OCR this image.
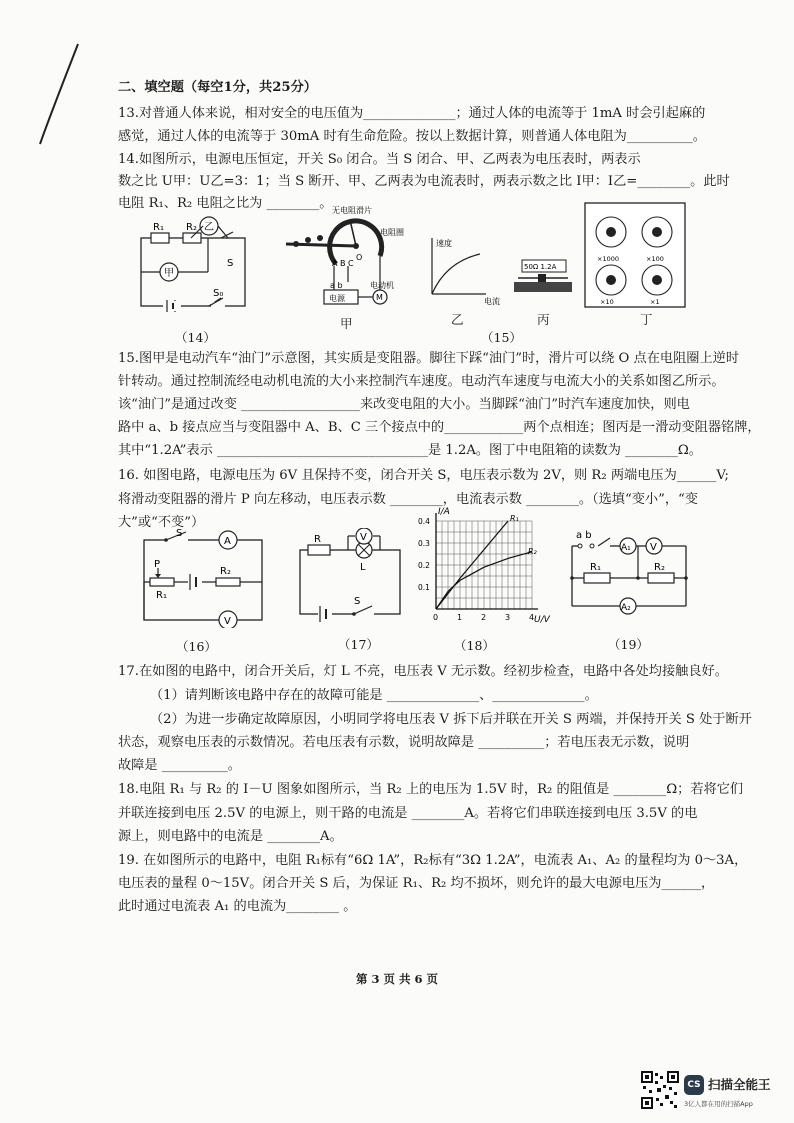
二、填空题（每空1分，共25分）
13.对普通人体来说，相对安全的电压值为______________；通过人体的电流等于 1mA 时会引起麻的
感觉，通过人体的电流等于 30mA 时有生命危险。按以上数据计算，则普通人体电阻为__________。
14.如图所示，电源电压恒定，开关 S₀ 闭合。当 S 闭合、甲、乙两表为电压表时，两表示
数之比 U甲：U乙=3：1；当 S 断开、甲、乙两表为电流表时，两表示数之比 I甲：I乙=________。此时
电阻 R₁、R₂ 电阻之比为 ________。
R₁ R₂ 乙
甲
S
S₀
（14）
无电阻滑片
电阻圈
A B C
O
a b
电源
电动机
M
甲
速度
电流
乙
（15）
50Ω 1.2A
丙
×1000	×100
×10	×1
丁
15.图甲是电动汽车“油门”示意图，其实质是变阻器。脚往下踩“油门”时，滑片可以绕 O 点在电阻圈上逆时
针转动。通过控制流经电动机电流的大小来控制汽车速度。电动汽车速度与电流大小的关系如图乙所示。
该“油门”是通过改变 __________________来改变电阻的大小。当脚踩“油门”时汽车速度加快，则电
路中 a、b 接点应当与变阻器中 A、B、C 三个接点中的____________两个点相连；图丙是一滑动变阻器铭牌，
其中“1.2A”表示 ________________________________是 1.2A。图丁中电阻箱的读数为 ________Ω。
16. 如图电路，电源电压为 6V 且保持不变，闭合开关 S，电压表示数为 2V，则 R₂ 两端电压为______V;
将滑动变阻器的滑片 P 向左移动，电压表示数 ________，电流表示数 ________。（选填“变小”，“变
大”或“不变”）
S
A
P
R₁
R₂
V
（16）
R	V
L
S
（17）
R₁
R₂
U/V
I/A
0 1 2 3 4
0.1
0.2
0.3
0.4
（18）
a b
A₁ V
R₁	R₂
A₂
（19）
17.在如图的电路中，闭合开关后，灯 L 不亮，电压表 V 无示数。经初步检查，电路中各处均接触良好。
（1）请判断该电路中存在的故障可能是 ______________、______________。
（2）为进一步确定故障原因，小明同学将电压表 V 拆下后并联在开关 S 两端，并保持开关 S 处于断开
状态，观察电压表的示数情况。若电压表有示数，说明故障是 __________；若电压表无示数，说明
故障是 __________。
18.电阻 R₁ 与 R₂ 的 I－U 图象如图所示，当 R₂ 上的电压为 1.5V 时，R₂ 的阻值是 ________Ω；若将它们
并联连接到电压 2.5V 的电源上，则干路的电流是 ________A。若将它们串联连接到电压 3.5V 的电
源上，则电路中的电流是 ________A。
19. 在如图所示的电路中，电阻 R₁标有“6Ω 1A”，R₂标有“3Ω 1.2A”，电流表 A₁、A₂ 的量程均为 0～3A，
电压表的量程 0～15V。闭合开关 S 后，为保证 R₁、R₂ 均不损坏，则允许的最大电源电压为______，
此时通过电流表 A₁ 的电流为________ 。
第 3 页 共 6 页
CS 扫描全能王
3亿人都在用的扫描App
